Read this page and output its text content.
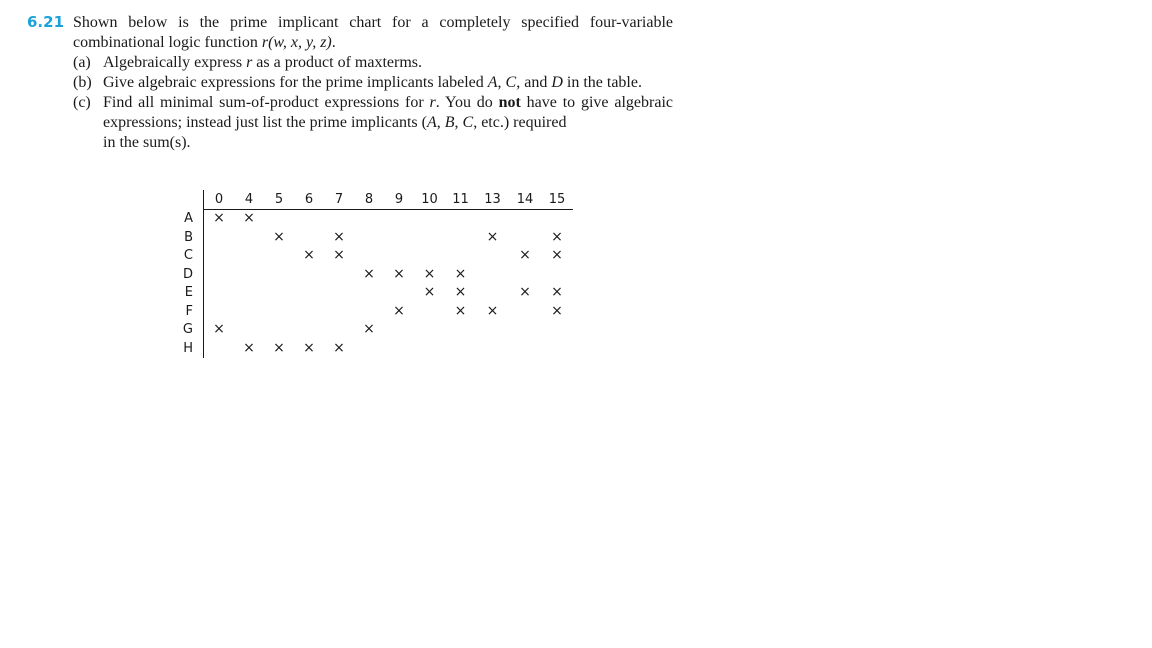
6.21 Shown below is the prime implicant chart for a completely specified four-variable combinational logic function r(w, x, y, z).

(a) Algebraically express r as a product of maxterms.
(b) Give algebraic expressions for the prime implicants labeled A, C, and D in the table.
(c) Find all minimal sum-of-product expressions for r. You do not have to give algebraic expressions; instead just list the prime implicants (A, B, C, etc.) required
in the sum(s).
	0	4	5	6	7	8	9	10	11	13	14	15
A	×	×										
B			×		×					×		×
C				×	×						×	×
D						×	×	×	×			
E								×	×		×	×
F							×		×	×		×
G	×					×						
H		×	×	×	×							
